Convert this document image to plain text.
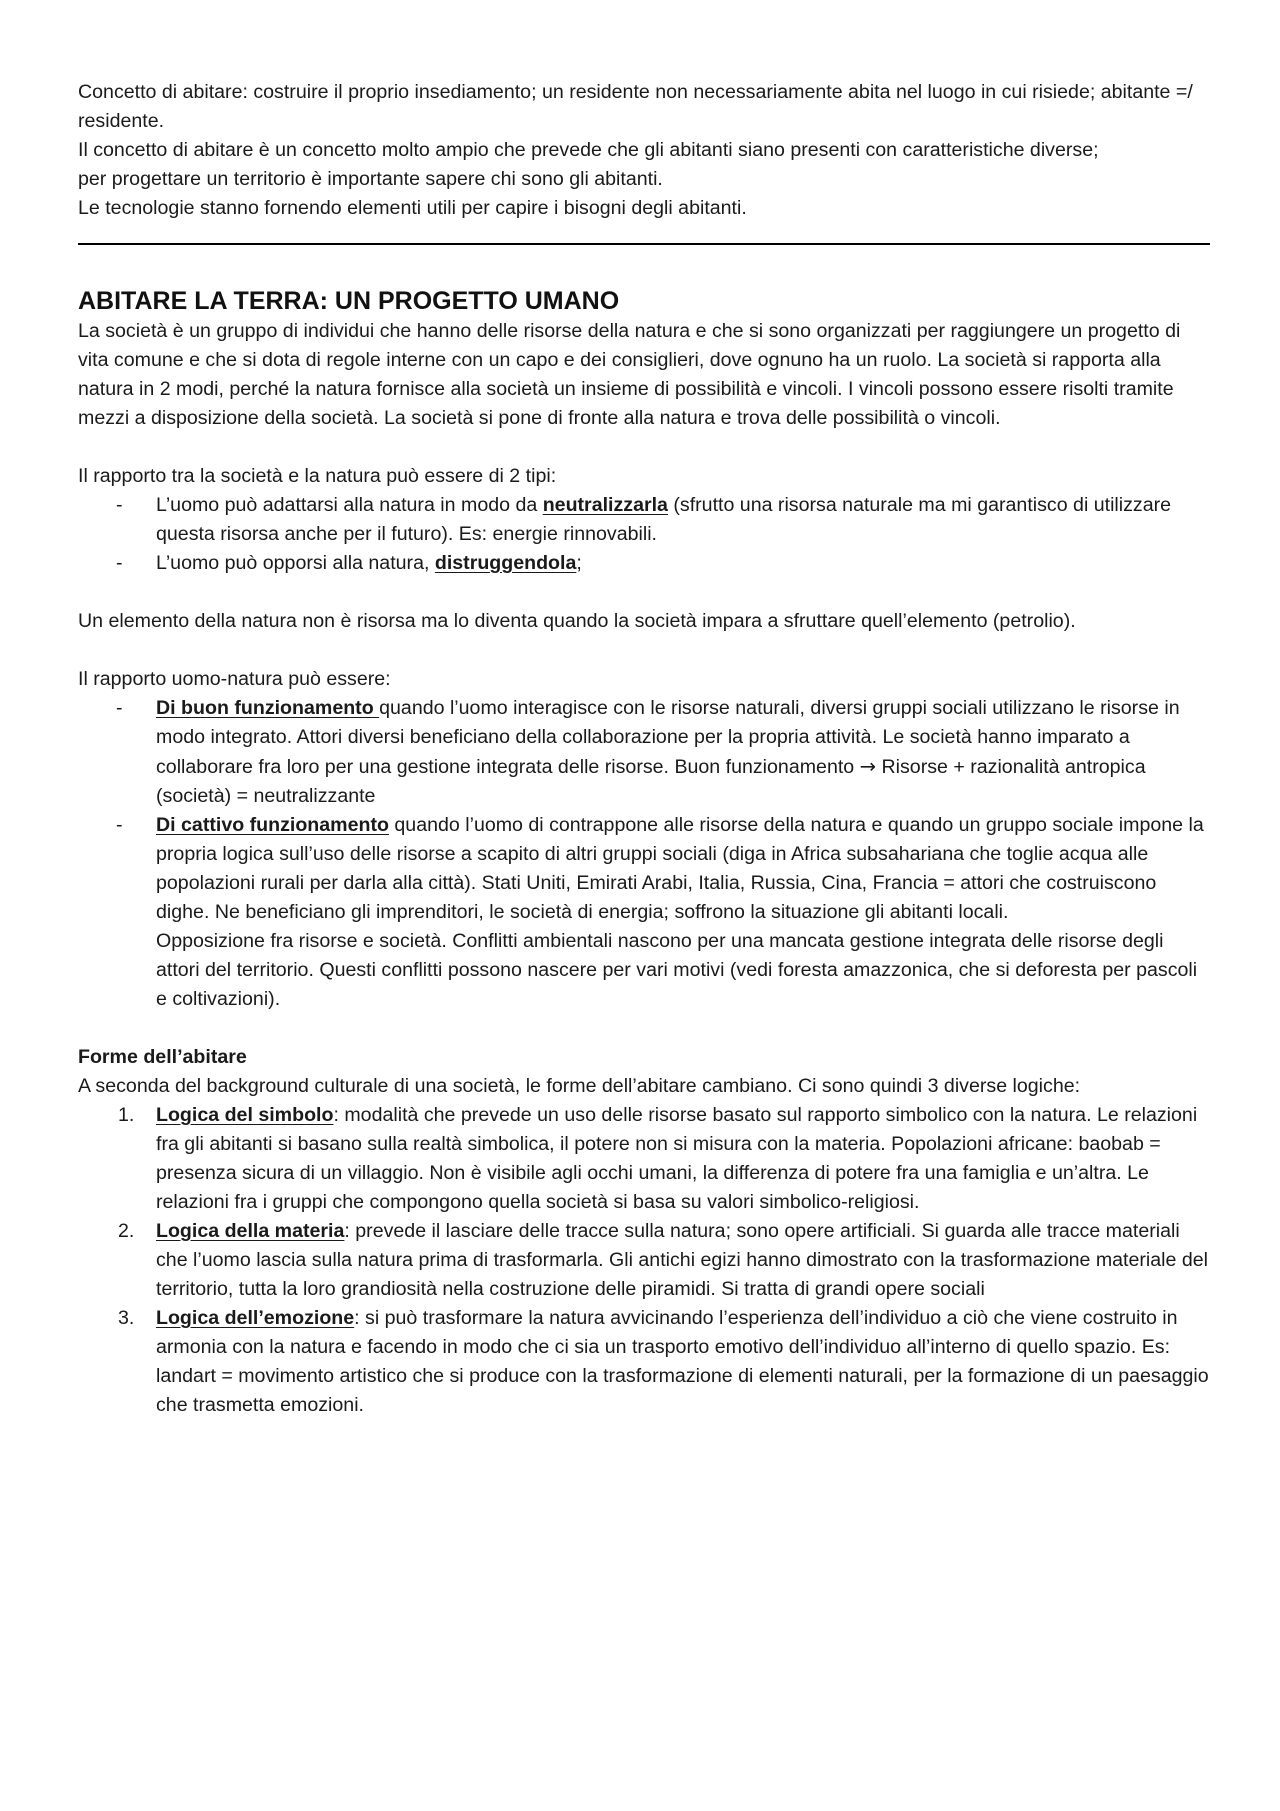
Concetto di abitare: costruire il proprio insediamento; un residente non necessariamente abita nel luogo in cui risiede; abitante =/ residente.

Il concetto di abitare è un concetto molto ampio che prevede che gli abitanti siano presenti con caratteristiche diverse;

per progettare un territorio è importante sapere chi sono gli abitanti.

Le tecnologie stanno fornendo elementi utili per capire i bisogni degli abitanti.

ABITARE LA TERRA: UN PROGETTO UMANO

La società è un gruppo di individui che hanno delle risorse della natura e che si sono organizzati per raggiungere un progetto di vita comune e che si dota di regole interne con un capo e dei consiglieri, dove ognuno ha un ruolo. La società si rapporta alla natura in 2 modi, perché la natura fornisce alla società un insieme di possibilità e vincoli. I vincoli possono essere risolti tramite mezzi a disposizione della società. La società si pone di fronte alla natura e trova delle possibilità o vincoli.

Il rapporto tra la società e la natura può essere di 2 tipi:

- L’uomo può adattarsi alla natura in modo da neutralizzarla (sfrutto una risorsa naturale ma mi garantisco di utilizzare questa risorsa anche per il futuro). Es: energie rinnovabili.
- L’uomo può opporsi alla natura, distruggendola;

Un elemento della natura non è risorsa ma lo diventa quando la società impara a sfruttare quell’elemento (petrolio).

Il rapporto uomo-natura può essere:

- Di buon funzionamento quando l’uomo interagisce con le risorse naturali, diversi gruppi sociali utilizzano le risorse in modo integrato. Attori diversi beneficiano della collaborazione per la propria attività. Le società hanno imparato a collaborare fra loro per una gestione integrata delle risorse. Buon funzionamento → Risorse + razionalità antropica (società) = neutralizzante
- Di cattivo funzionamento quando l’uomo di contrappone alle risorse della natura e quando un gruppo sociale impone la propria logica sull’uso delle risorse a scapito di altri gruppi sociali (diga in Africa subsahariana che toglie acqua alle popolazioni rurali per darla alla città). Stati Uniti, Emirati Arabi, Italia, Russia, Cina, Francia = attori che costruiscono dighe. Ne beneficiano gli imprenditori, le società di energia; soffrono la situazione gli abitanti locali.

Opposizione fra risorse e società. Conflitti ambientali nascono per una mancata gestione integrata delle risorse degli attori del territorio. Questi conflitti possono nascere per vari motivi (vedi foresta amazzonica, che si deforesta per pascoli e coltivazioni).

Forme dell’abitare

A seconda del background culturale di una società, le forme dell’abitare cambiano. Ci sono quindi 3 diverse logiche:

1. Logica del simbolo: modalità che prevede un uso delle risorse basato sul rapporto simbolico con la natura. Le relazioni fra gli abitanti si basano sulla realtà simbolica, il potere non si misura con la materia. Popolazioni africane: baobab = presenza sicura di un villaggio. Non è visibile agli occhi umani, la differenza di potere fra una famiglia e un’altra. Le relazioni fra i gruppi che compongono quella società si basa su valori simbolico-religiosi.
2. Logica della materia: prevede il lasciare delle tracce sulla natura; sono opere artificiali. Si guarda alle tracce materiali che l’uomo lascia sulla natura prima di trasformarla. Gli antichi egizi hanno dimostrato con la trasformazione materiale del territorio, tutta la loro grandiosità nella costruzione delle piramidi. Si tratta di grandi opere sociali
3. Logica dell’emozione: si può trasformare la natura avvicinando l’esperienza dell’individuo a ciò che viene costruito in armonia con la natura e facendo in modo che ci sia un trasporto emotivo dell’individuo all’interno di quello spazio. Es: landart = movimento artistico che si produce con la trasformazione di elementi naturali, per la formazione di un paesaggio che trasmetta emozioni.
